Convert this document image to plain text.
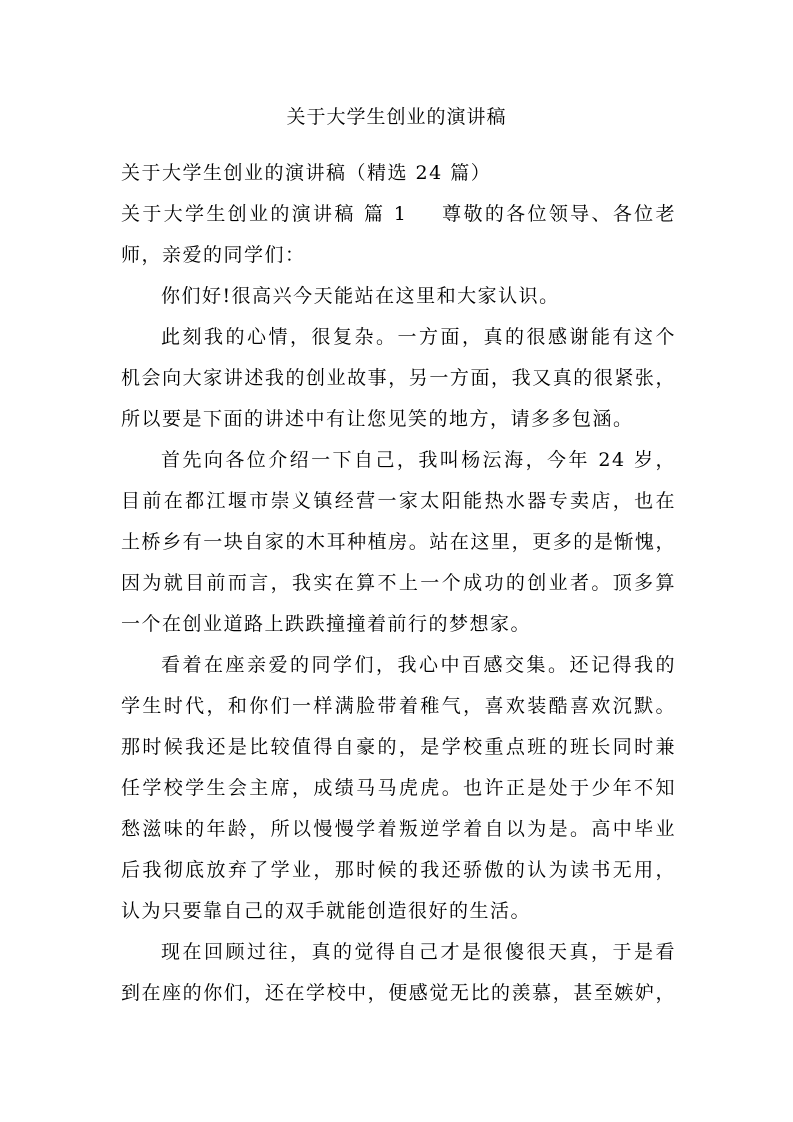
关于大学生创业的演讲稿
关于大学生创业的演讲稿（精选 24 篇）
关于大学生创业的演讲稿 篇 1 尊敬的各位领导、各位老
师，亲爱的同学们：
你们好!很高兴今天能站在这里和大家认识。
此刻我的心情，很复杂。一方面，真的很感谢能有这个
机会向大家讲述我的创业故事，另一方面，我又真的很紧张，
所以要是下面的讲述中有让您见笑的地方，请多多包涵。
首先向各位介绍一下自己，我叫杨沄海，今年 24 岁，
目前在都江堰市崇义镇经营一家太阳能热水器专卖店，也在
土桥乡有一块自家的木耳种植房。站在这里，更多的是惭愧，
因为就目前而言，我实在算不上一个成功的创业者。顶多算
一个在创业道路上跌跌撞撞着前行的梦想家。
看着在座亲爱的同学们，我心中百感交集。还记得我的
学生时代，和你们一样满脸带着稚气，喜欢装酷喜欢沉默。
那时候我还是比较值得自豪的，是学校重点班的班长同时兼
任学校学生会主席，成绩马马虎虎。也许正是处于少年不知
愁滋味的年龄，所以慢慢学着叛逆学着自以为是。高中毕业
后我彻底放弃了学业，那时候的我还骄傲的认为读书无用，
认为只要靠自己的双手就能创造很好的生活。
现在回顾过往，真的觉得自己才是很傻很天真，于是看
到在座的你们，还在学校中，便感觉无比的羡慕，甚至嫉妒，
